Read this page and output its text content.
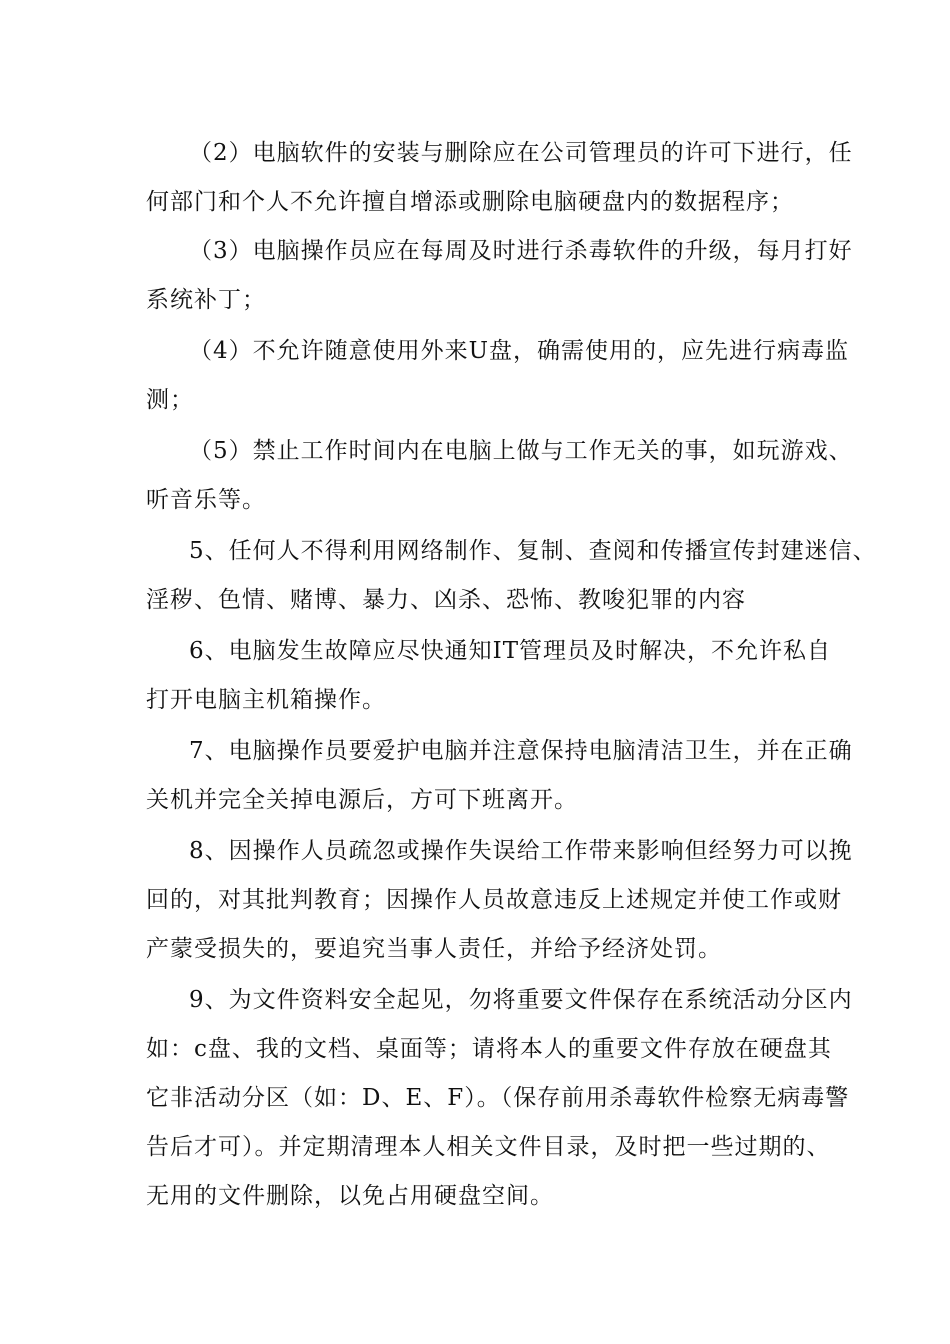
（2）电脑软件的安装与删除应在公司管理员的许可下进行，任
何部门和个人不允许擅自增添或删除电脑硬盘内的数据程序；
（3）电脑操作员应在每周及时进行杀毒软件的升级，每月打好
系统补丁；
（4）不允许随意使用外来U盘，确需使用的，应先进行病毒监
测；
（5）禁止工作时间内在电脑上做与工作无关的事，如玩游戏、
听音乐等。
5、任何人不得利用网络制作、复制、查阅和传播宣传封建迷信、
淫秽、色情、赌博、暴力、凶杀、恐怖、教唆犯罪的内容
6、电脑发生故障应尽快通知IT管理员及时解决，不允许私自
打开电脑主机箱操作。
7、电脑操作员要爱护电脑并注意保持电脑清洁卫生，并在正确
关机并完全关掉电源后，方可下班离开。
8、因操作人员疏忽或操作失误给工作带来影响但经努力可以挽
回的，对其批判教育；因操作人员故意违反上述规定并使工作或财
产蒙受损失的，要追究当事人责任，并给予经济处罚。
9、为文件资料安全起见，勿将重要文件保存在系统活动分区内
如：c盘、我的文档、桌面等；请将本人的重要文件存放在硬盘其
它非活动分区（如：D、E、F）。（保存前用杀毒软件检察无病毒警
告后才可）。并定期清理本人相关文件目录，及时把一些过期的、
无用的文件删除，以免占用硬盘空间。
